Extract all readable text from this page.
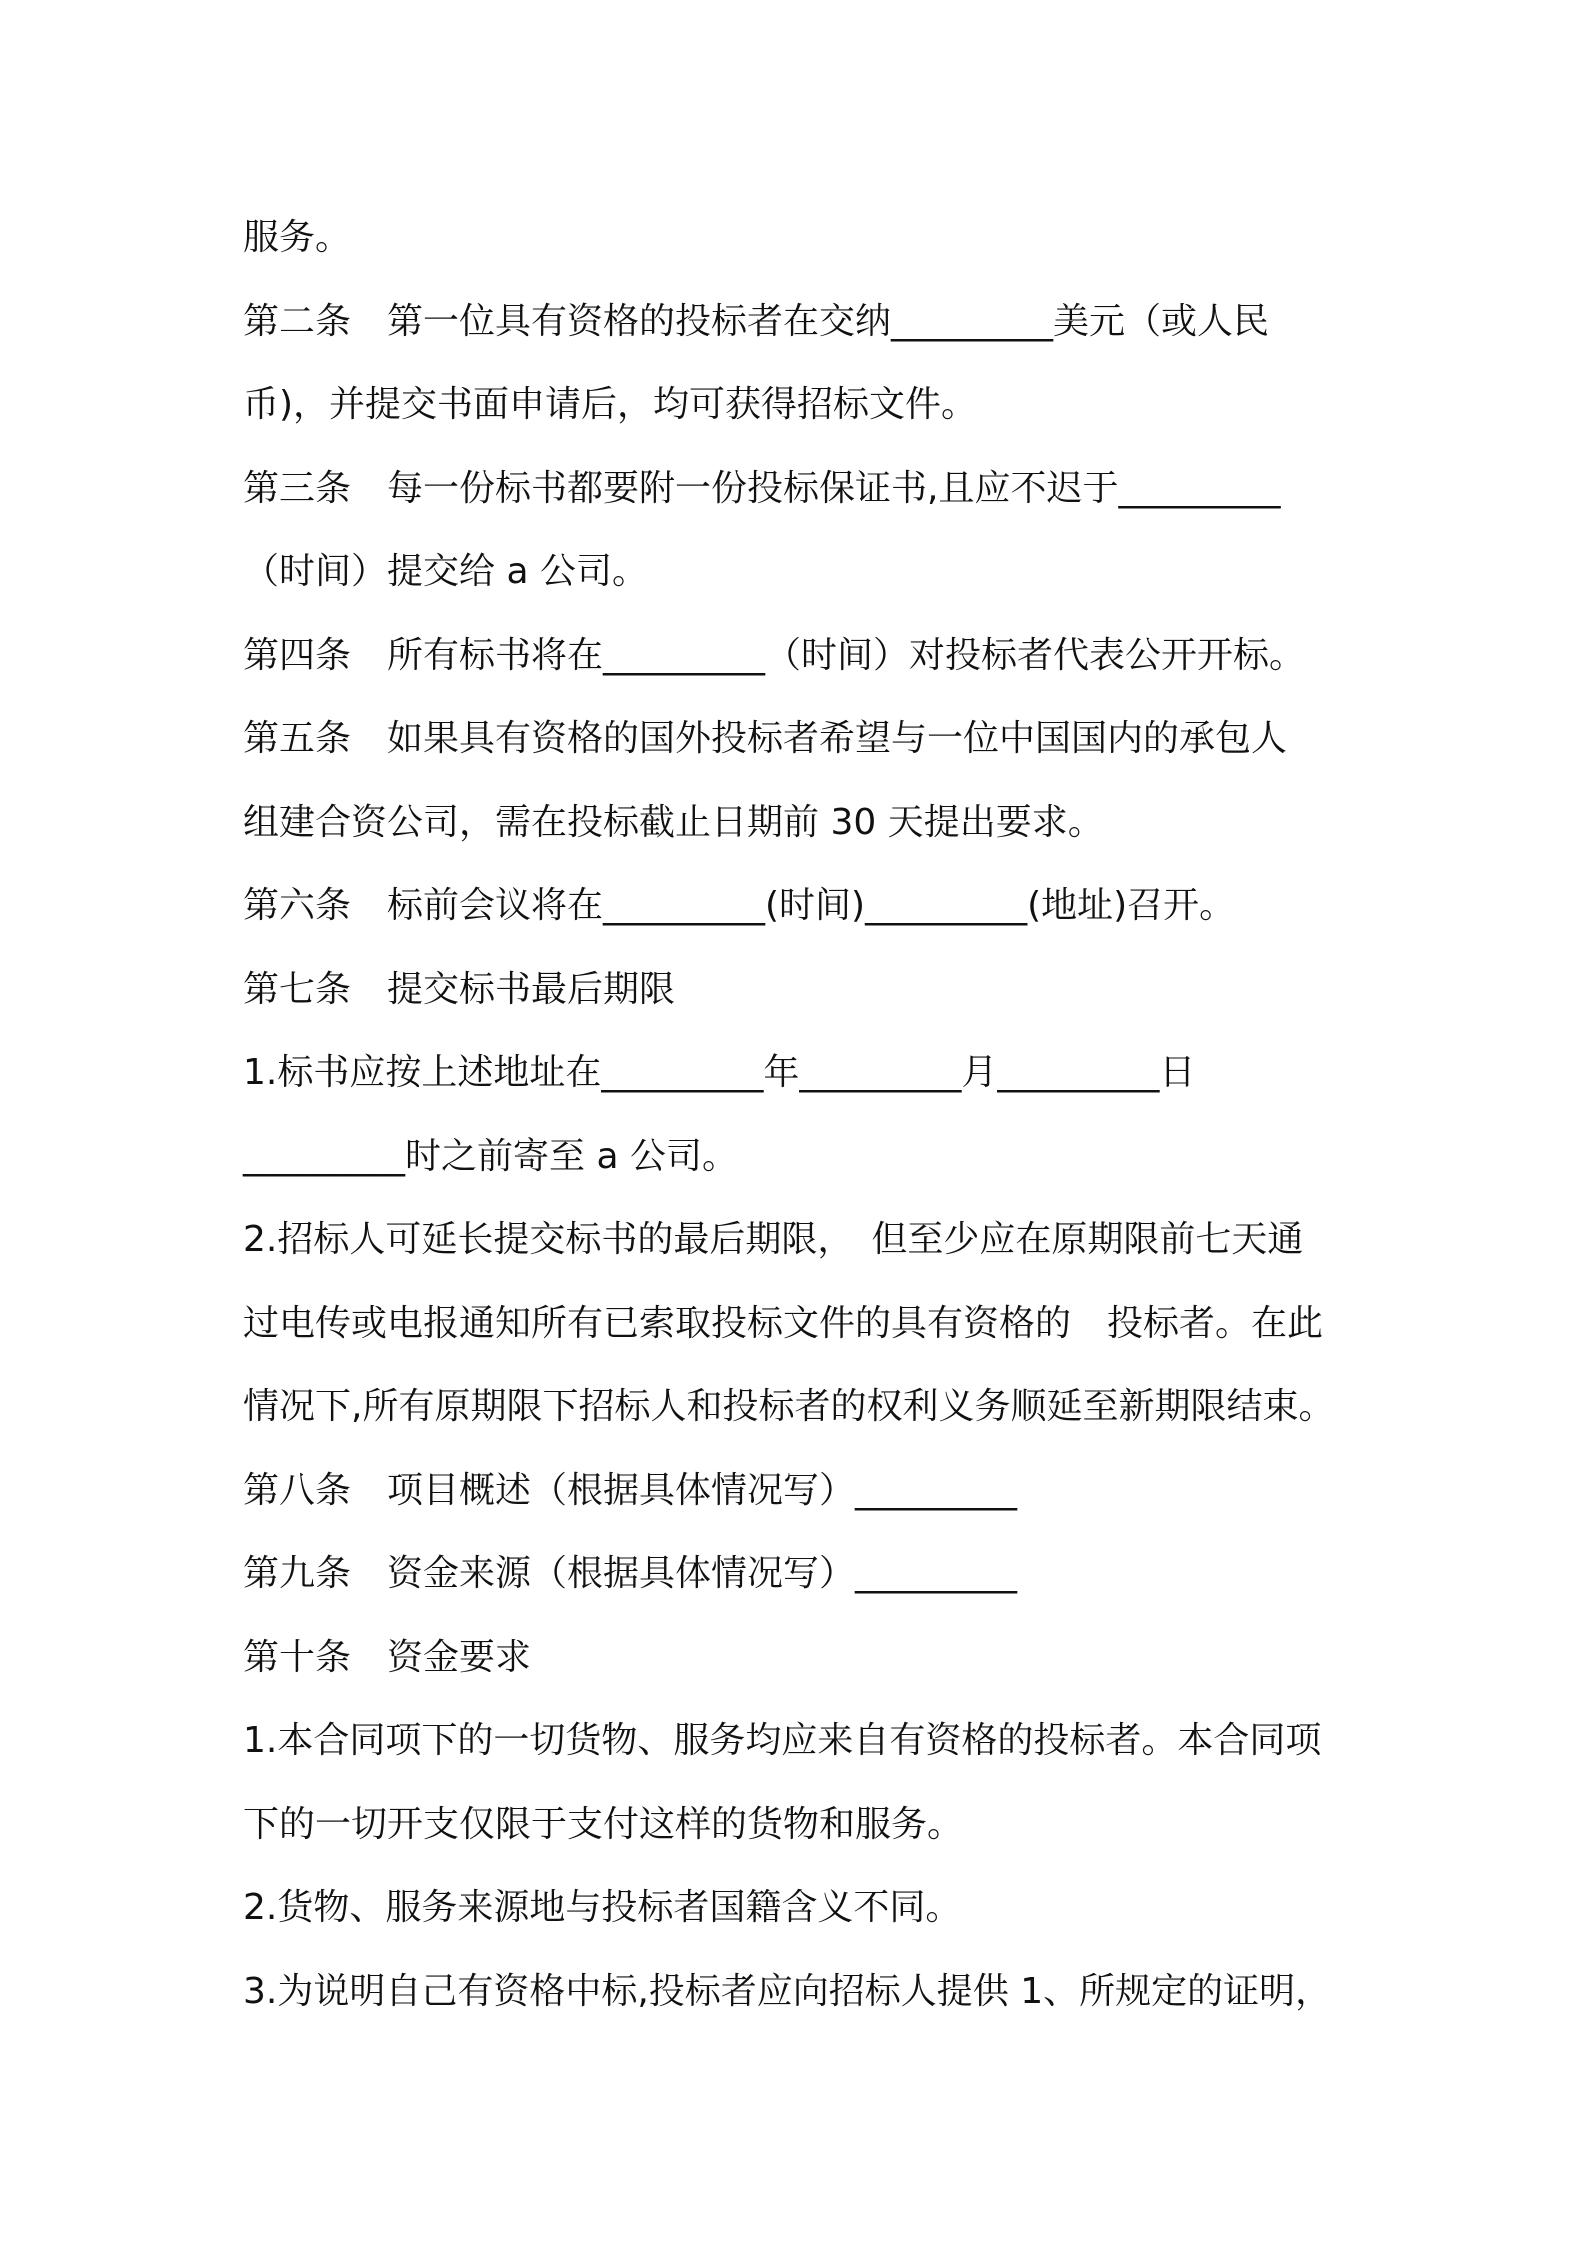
服务。
第二条　第一位具有资格的投标者在交纳_________美元（或人民
币)，并提交书面申请后，均可获得招标文件。
第三条　每一份标书都要附一份投标保证书,且应不迟于_________
（时间）提交给 a 公司。
第四条　所有标书将在_________（时间）对投标者代表公开开标。
第五条　如果具有资格的国外投标者希望与一位中国国内的承包人
组建合资公司，需在投标截止日期前 30 天提出要求。
第六条　标前会议将在_________(时间)_________(地址)召开。
第七条　提交标书最后期限
1.标书应按上述地址在_________年_________月_________日
_________时之前寄至 a 公司。
2.招标人可延长提交标书的最后期限，　但至少应在原期限前七天通
过电传或电报通知所有已索取投标文件的具有资格的　投标者。在此
情况下,所有原期限下招标人和投标者的权利义务顺延至新期限结束。
第八条　项目概述（根据具体情况写）_________
第九条　资金来源（根据具体情况写）_________
第十条　资金要求
1.本合同项下的一切货物、服务均应来自有资格的投标者。本合同项
下的一切开支仅限于支付这样的货物和服务。
2.货物、服务来源地与投标者国籍含义不同。
3.为说明自己有资格中标,投标者应向招标人提供 1、所规定的证明，
